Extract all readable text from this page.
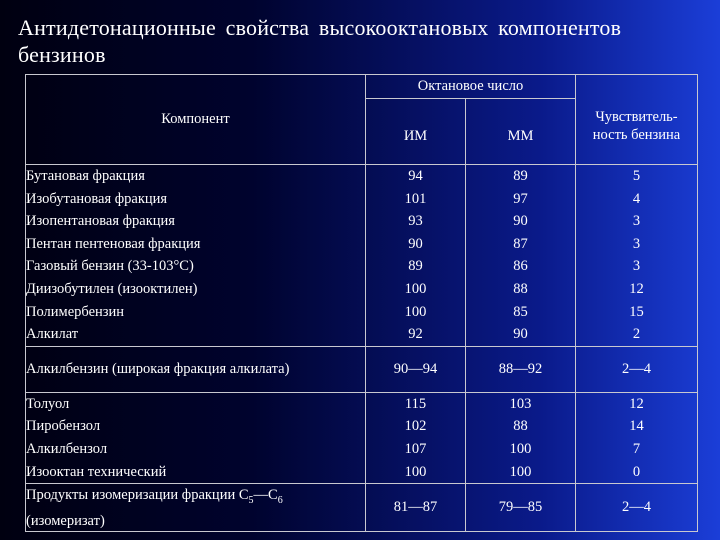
Антидетонационные свойства высокооктановых компонентов бензинов
Компонент	Октановое число		Чувствитель-
ность бензина
	ИМ	ММ	
Бутановая фракция	94	89	5
Изобутановая фракция	101	97	4
Изопентановая фракция	93	90	3
Пентан пентеновая фракция	90	87	3
Газовый бензин (33-103°С)	89	86	3
Диизобутилен (изооктилен)	100	88	12
Полимербензин	100	85	15
Алкилат	92	90	2
Алкилбензин (широкая фракция алкилата)	90—94	88—92	2—4
Толуол	115	103	12
Пиробензол	102	88	14
Алкилбензол	107	100	7
Изооктан технический	100	100	0
Продукты изомеризации фракции $С_5—С_6$
(изомеризат)	81—87	79—85	2—4
